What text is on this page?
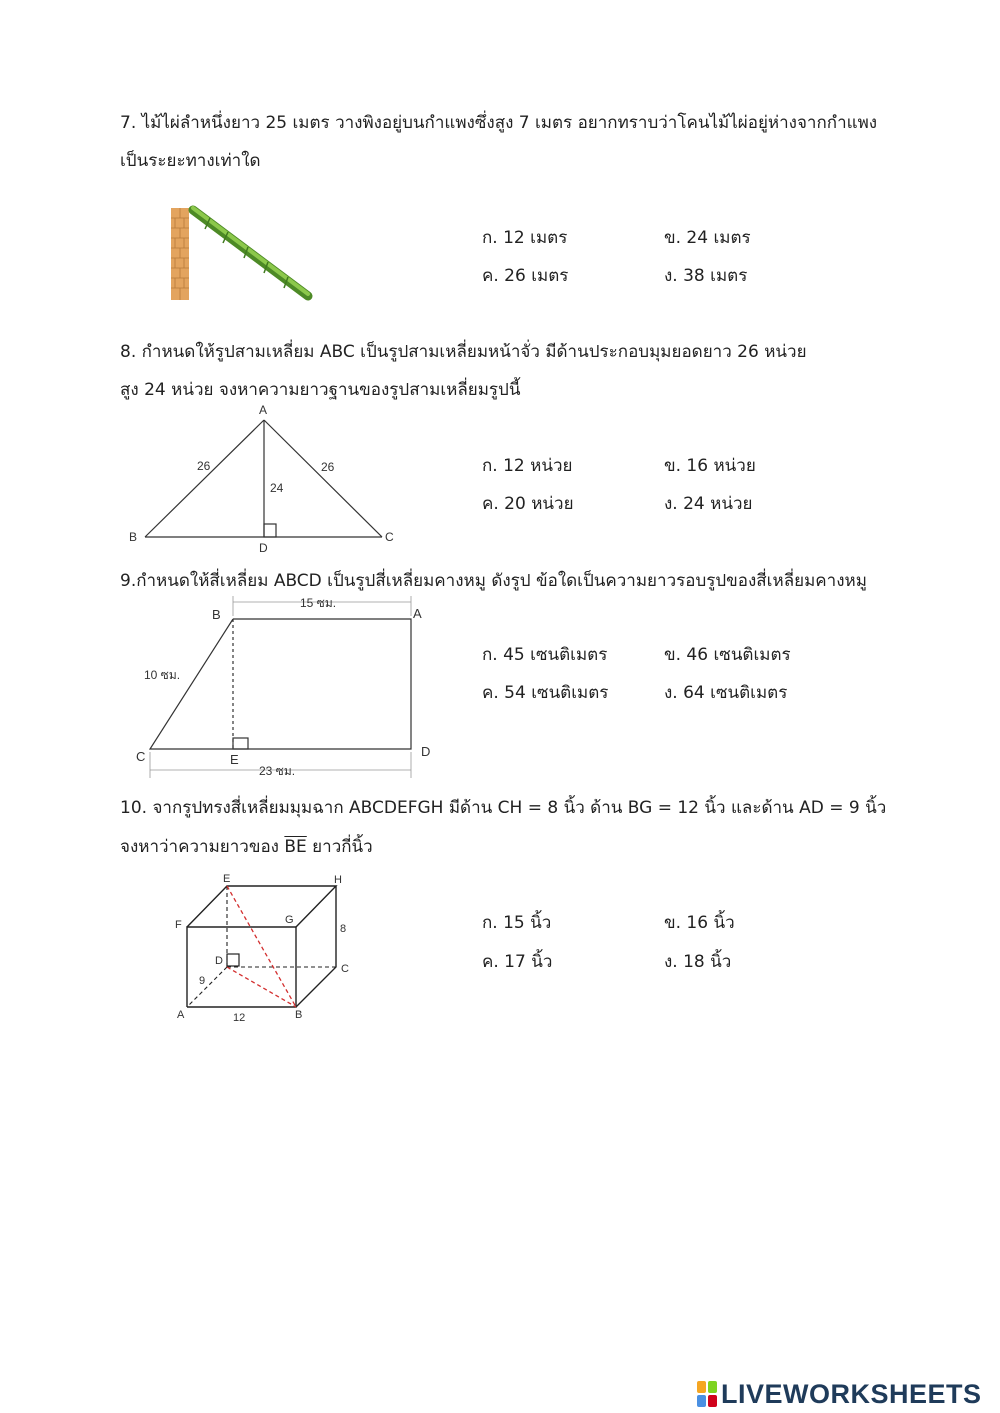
7. ไม้ไผ่ลำหนึ่งยาว 25 เมตร วางพิงอยู่บนกำแพงซึ่งสูง 7 เมตร อยากทราบว่าโคนไม้ไผ่อยู่ห่างจากกำแพง
เป็นระยะทางเท่าใด
ก. 12 เมตร	ข. 24 เมตร
ค. 26 เมตร	ง. 38 เมตร
8. กำหนดให้รูปสามเหลี่ยม ABC เป็นรูปสามเหลี่ยมหน้าจั่ว มีด้านประกอบมุมยอดยาว 26 หน่วย
สูง 24 หน่วย จงหาความยาวฐานของรูปสามเหลี่ยมรูปนี้
A
B	C
D
26	26
24
ก. 12 หน่วย	ข. 16 หน่วย
ค. 20 หน่วย	ง. 24 หน่วย
9.กำหนดให้สี่เหลี่ยม ABCD เป็นรูปสี่เหลี่ยมคางหมู ดังรูป ข้อใดเป็นความยาวรอบรูปของสี่เหลี่ยมคางหมู
15 ซม.
10 ซม.
23 ซม.
B	A
C	D
E
ก. 45 เซนติเมตร	ข. 46 เซนติเมตร
ค. 54 เซนติเมตร	ง. 64 เซนติเมตร
10. จากรูปทรงสี่เหลี่ยมมุมฉาก ABCDEFGH มีด้าน CH = 8 นิ้ว ด้าน BG = 12 นิ้ว และด้าน AD = 9 นิ้ว
จงหาว่าความยาวของ $\overline{BE}$ ยาวกี่นิ้ว
E	H
F	G
D
C
A	B
9
12
8	ก. 15 นิ้ว	ข. 16 นิ้ว
ค. 17 นิ้ว	ง. 18 นิ้ว
LIVEWORKSHEETS
